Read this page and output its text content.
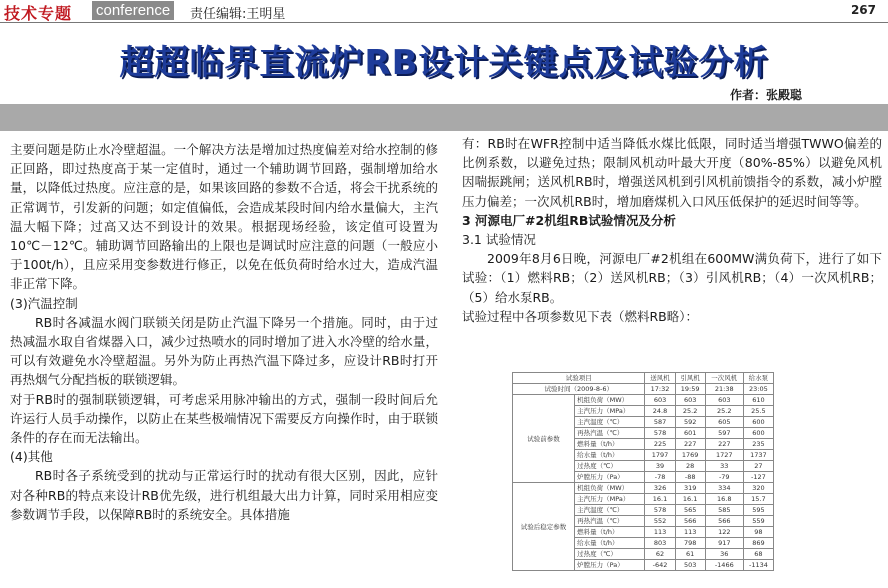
技术专题 conference	责任编辑:王明星	267
超超临界直流炉RB设计关键点及试验分析
作者：张殿聪

主要问题是防止水冷壁超温。一个解决方法是增加过热度偏差对给水控制的修正回路，即过热度高于某一定值时，通过一个辅助调节回路，强制增加给水量，以降低过热度。应注意的是，如果该回路的参数不合适，将会干扰系统的正常调节，引发新的问题；如定值偏低，会造成某段时间内给水量偏大，主汽温大幅下降；过高又达不到设计的效果。根据现场经验，该定值可设置为10℃－12℃。辅助调节回路输出的上限也是调试时应注意的问题（一般应小于100t/h），且应采用变参数进行修正，以免在低负荷时给水过大，造成汽温非正常下降。

(3)汽温控制

RB时各减温水阀门联锁关闭是防止汽温下降另一个措施。同时，由于过热减温水取自省煤器入口，减少过热喷水的同时增加了进入水冷壁的给水量，可以有效避免水冷壁超温。另外为防止再热汽温下降过多，应设计RB时打开再热烟气分配挡板的联锁逻辑。

对于RB时的强制联锁逻辑，可考虑采用脉冲输出的方式，强制一段时间后允许运行人员手动操作，以防止在某些极端情况下需要反方向操作时，由于联锁条件的存在而无法输出。

(4)其他

RB时各子系统受到的扰动与正常运行时的扰动有很大区别，因此，应针对各种RB的特点来设计RB优先级，进行机组最大出力计算，同时采用相应变参数调节手段，以保障RB时的系统安全。具体措施

有：RB时在WFR控制中适当降低水煤比低限，同时适当增强TWWO偏差的比例系数，以避免过热；限制风机动叶最大开度（80%-85%）以避免风机因喘振跳闸；送风机RB时，增强送风机到引风机前馈指令的系数，减小炉膛压力偏差；一次风机RB时，增加磨煤机入口风压低保护的延迟时间等等。

3 河源电厂#2机组RB试验情况及分析

3.1 试验情况

2009年8月6日晚，河源电厂#2机组在600MW满负荷下，进行了如下试验：（1）燃料RB；（2）送风机RB；（3）引风机RB；（4）一次风机RB；（5）给水泵RB。

试验过程中各项参数见下表（燃料RB略）：

试验项目		送风机	引风机	一次风机	给水泵
试验时间（2009-8-6）		17:32	19:59	21:38	23:05
试验前参数	机组负荷（MW）	603	603	603	610
	主汽压力（MPa）	24.8	25.2	25.2	25.5
	主汽温度（℃）	587	592	605	600
	再热汽温（℃）	578	601	597	600
	燃料量（t/h）	225	227	227	235
	给水量（t/h）	1797	1769	1727	1737
	过热度（℃）	39	28	33	27
	炉膛压力（Pa）	-78	-88	-79	-127
试验后稳定参数	机组负荷（MW）	326	319	334	320
	主汽压力（MPa）	16.1	16.1	16.8	15.7
	主汽温度（℃）	578	565	585	595
	再热汽温（℃）	552	566	566	559
	燃料量（t/h）	113	113	122	98
	给水量（t/h）	803	798	917	869
	过热度（℃）	62	61	36	68
	炉膛压力（Pa）	-642	503	-1466	-1134
